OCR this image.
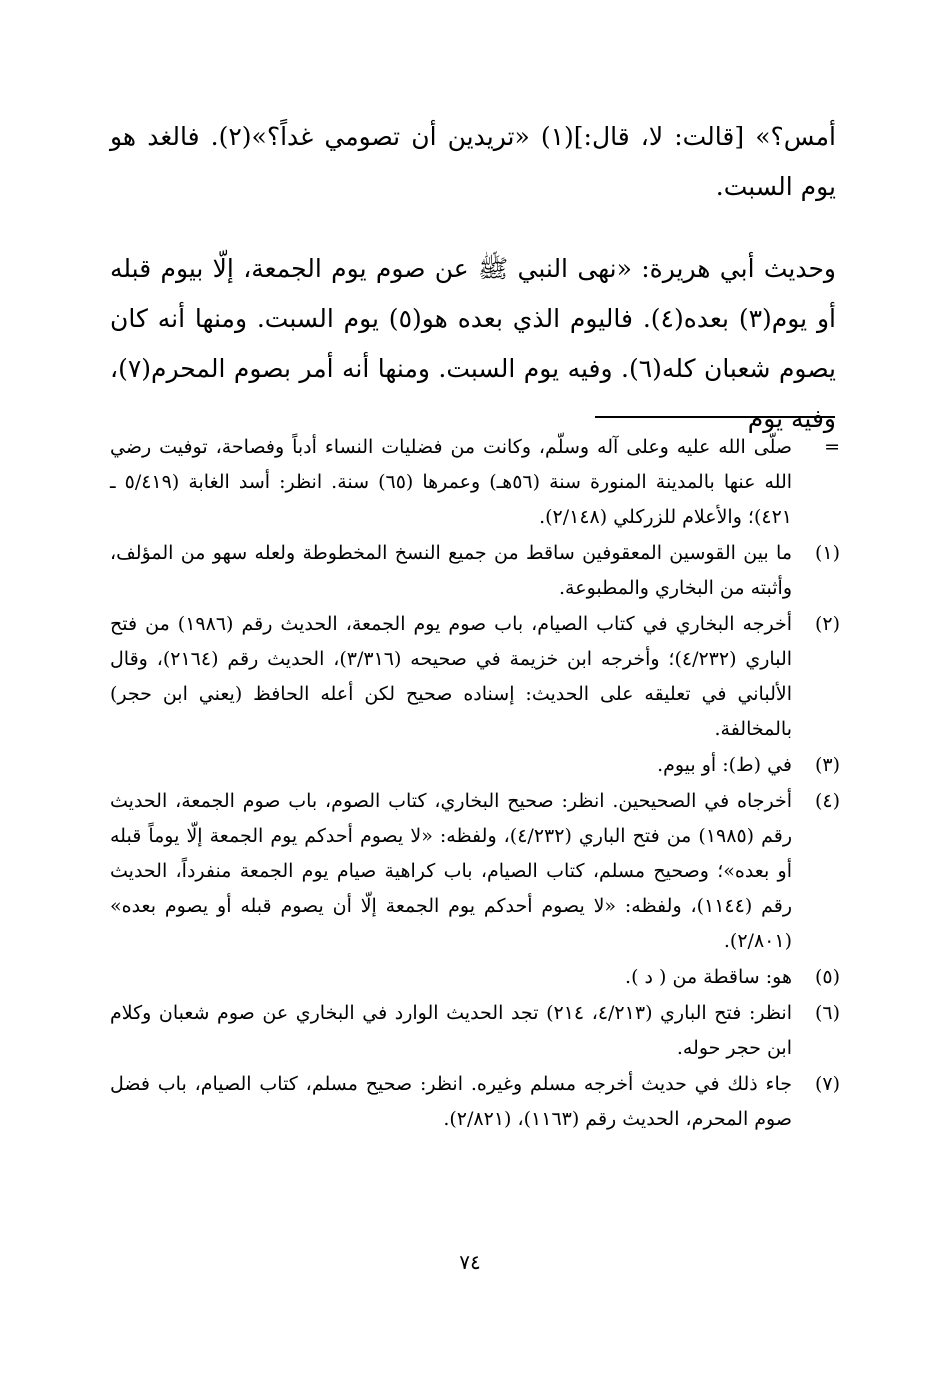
أمس؟» [قالت: لا، قال:](١) «تريدين أن تصومي غداً؟»(٢). فالغد هو يوم السبت.

وحديث أبي هريرة: «نهى النبي ﷺ عن صوم يوم الجمعة، إلّا بيوم قبله أو يوم(٣) بعده(٤). فاليوم الذي بعده هو(٥) يوم السبت. ومنها أنه كان يصوم شعبان كله(٦). وفيه يوم السبت. ومنها أنه أمر بصوم المحرم(٧)، وفيه يوم

=
صلّى الله عليه وعلى آله وسلّم، وكانت من فضليات النساء أدباً وفصاحة، توفيت رضي الله عنها بالمدينة المنورة سنة (٥٦هـ) وعمرها (٦٥) سنة. انظر: أسد الغابة (٥/٤١٩ ـ ٤٢١)؛ والأعلام للزركلي (٢/١٤٨).
(١)
ما بين القوسين المعقوفين ساقط من جميع النسخ المخطوطة ولعله سهو من المؤلف، وأثبته من البخاري والمطبوعة.
(٢)
أخرجه البخاري في كتاب الصيام، باب صوم يوم الجمعة، الحديث رقم (١٩٨٦) من فتح الباري (٤/٢٣٢)؛ وأخرجه ابن خزيمة في صحيحه (٣/٣١٦)، الحديث رقم (٢١٦٤)، وقال الألباني في تعليقه على الحديث: إسناده صحيح لكن أعله الحافظ (يعني ابن حجر) بالمخالفة.
(٣)
في (ط): أو بيوم.
(٤)
أخرجاه في الصحيحين. انظر: صحيح البخاري، كتاب الصوم، باب صوم الجمعة، الحديث رقم (١٩٨٥) من فتح الباري (٤/٢٣٢)، ولفظه: «لا يصوم أحدكم يوم الجمعة إلّا يوماً قبله أو بعده»؛ وصحيح مسلم، كتاب الصيام، باب كراهية صيام يوم الجمعة منفرداً، الحديث رقم (١١٤٤)، ولفظه: «لا يصوم أحدكم يوم الجمعة إلّا أن يصوم قبله أو يصوم بعده» (٢/٨٠١).
(٥)
هو: ساقطة من ( د ).
(٦)
انظر: فتح الباري (٤/٢١٣، ٢١٤) تجد الحديث الوارد في البخاري عن صوم شعبان وكلام ابن حجر حوله.
(٧)
جاء ذلك في حديث أخرجه مسلم وغيره. انظر: صحيح مسلم، كتاب الصيام، باب فضل صوم المحرم، الحديث رقم (١١٦٣)، (٢/٨٢١).
٧٤
